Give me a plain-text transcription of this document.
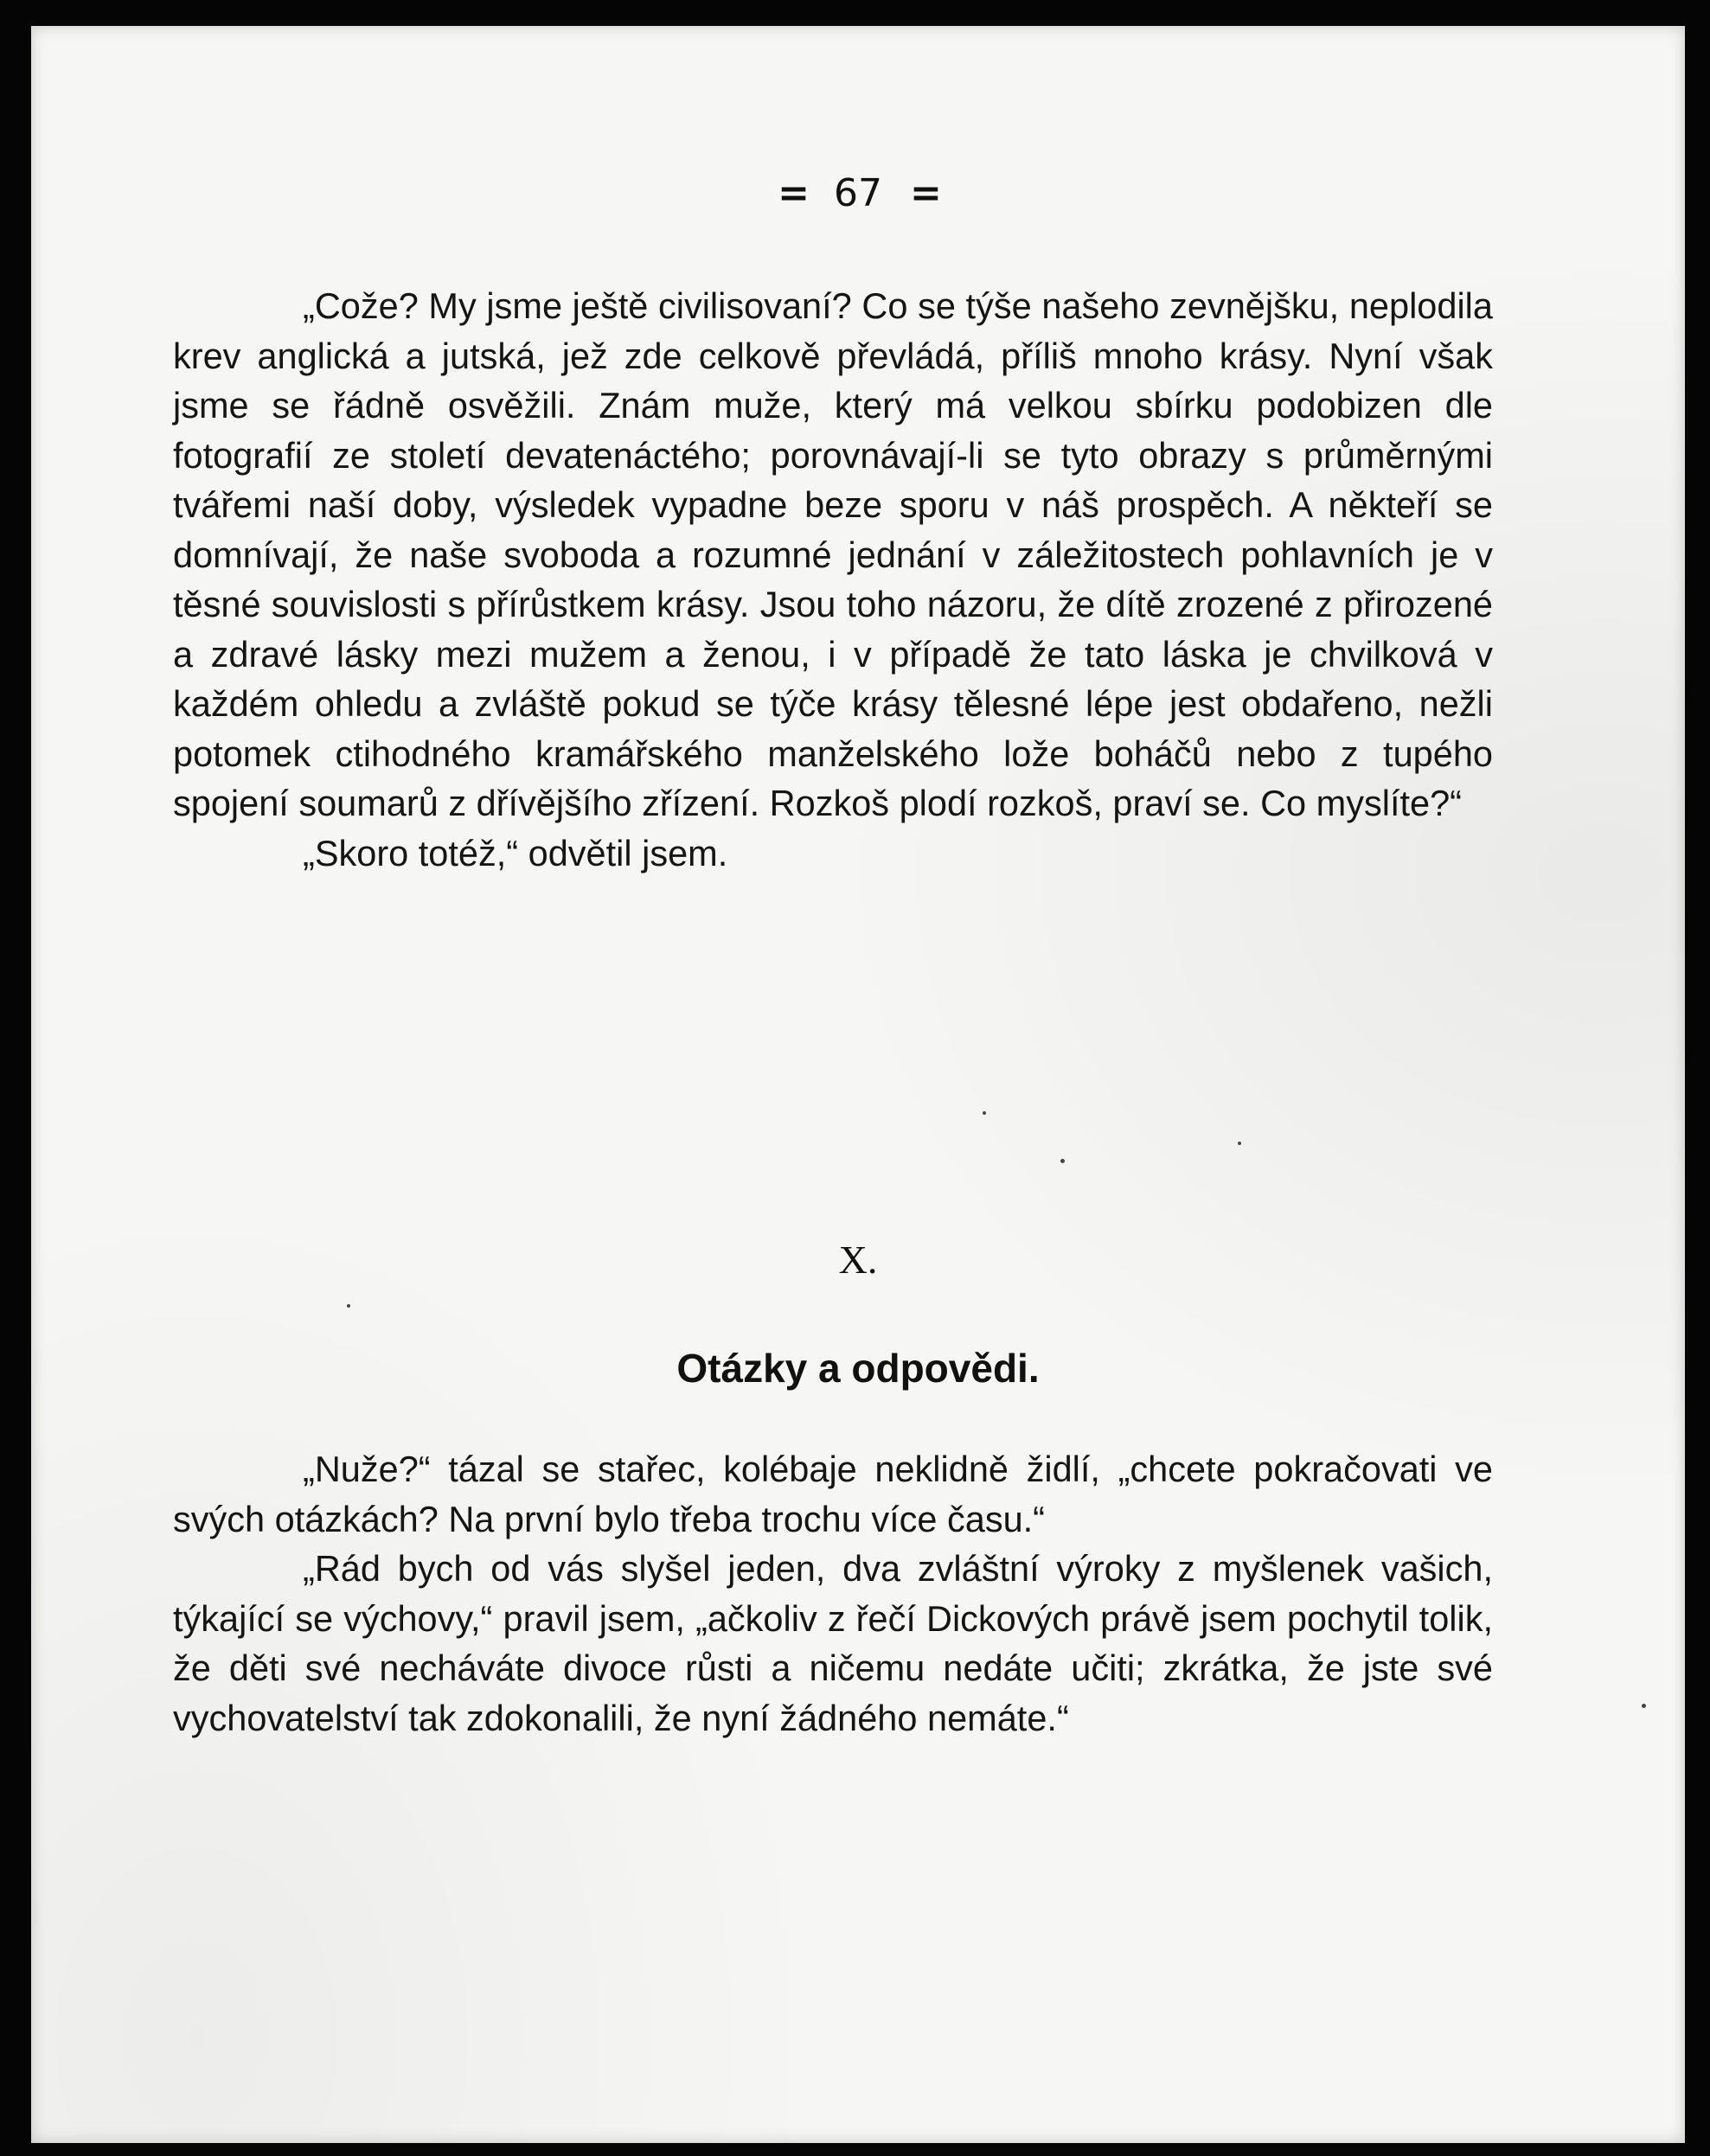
= 67 =

„Cože? My jsme ještě civilisovaní? Co se týše našeho zevnějšku, neplodila krev anglická a jutská, jež zde celkově převládá, příliš mnoho krásy. Nyní však jsme se řádně osvěžili. Znám muže, který má velkou sbírku podobizen dle fotografií ze století devatenáctého; porovnávají-li se tyto obrazy s průměrnými tvářemi naší doby, výsledek vypadne beze sporu v náš prospěch. A někteří se domnívají, že naše svoboda a rozumné jednání v záležitostech pohlavních je v těsné souvislosti s přírůstkem krásy. Jsou toho názoru, že dítě zrozené z přirozené a zdravé lásky mezi mužem a ženou, i v případě že tato láska je chvilková v každém ohledu a zvláště pokud se týče krásy tělesné lépe jest obdařeno, nežli potomek ctihodného kramářského manželského lože boháčů nebo z tupého spojení soumarů z dřívějšího zřízení. Rozkoš plodí rozkoš, praví se. Co myslíte?“

„Skoro totéž,“ odvětil jsem.

X.
Otázky a odpovědi.

„Nuže?“ tázal se stařec, kolébaje neklidně židlí, „chcete pokračovati ve svých otázkách? Na první bylo třeba trochu více času.“

„Rád bych od vás slyšel jeden, dva zvláštní výroky z myšlenek vašich, týkající se výchovy,“ pravil jsem, „ačkoliv z řečí Dickových právě jsem pochytil tolik, že děti své necháváte divoce růsti a ničemu nedáte učiti; zkrátka, že jste své vychovatelství tak zdokonalili, že nyní žádného nemáte.“
